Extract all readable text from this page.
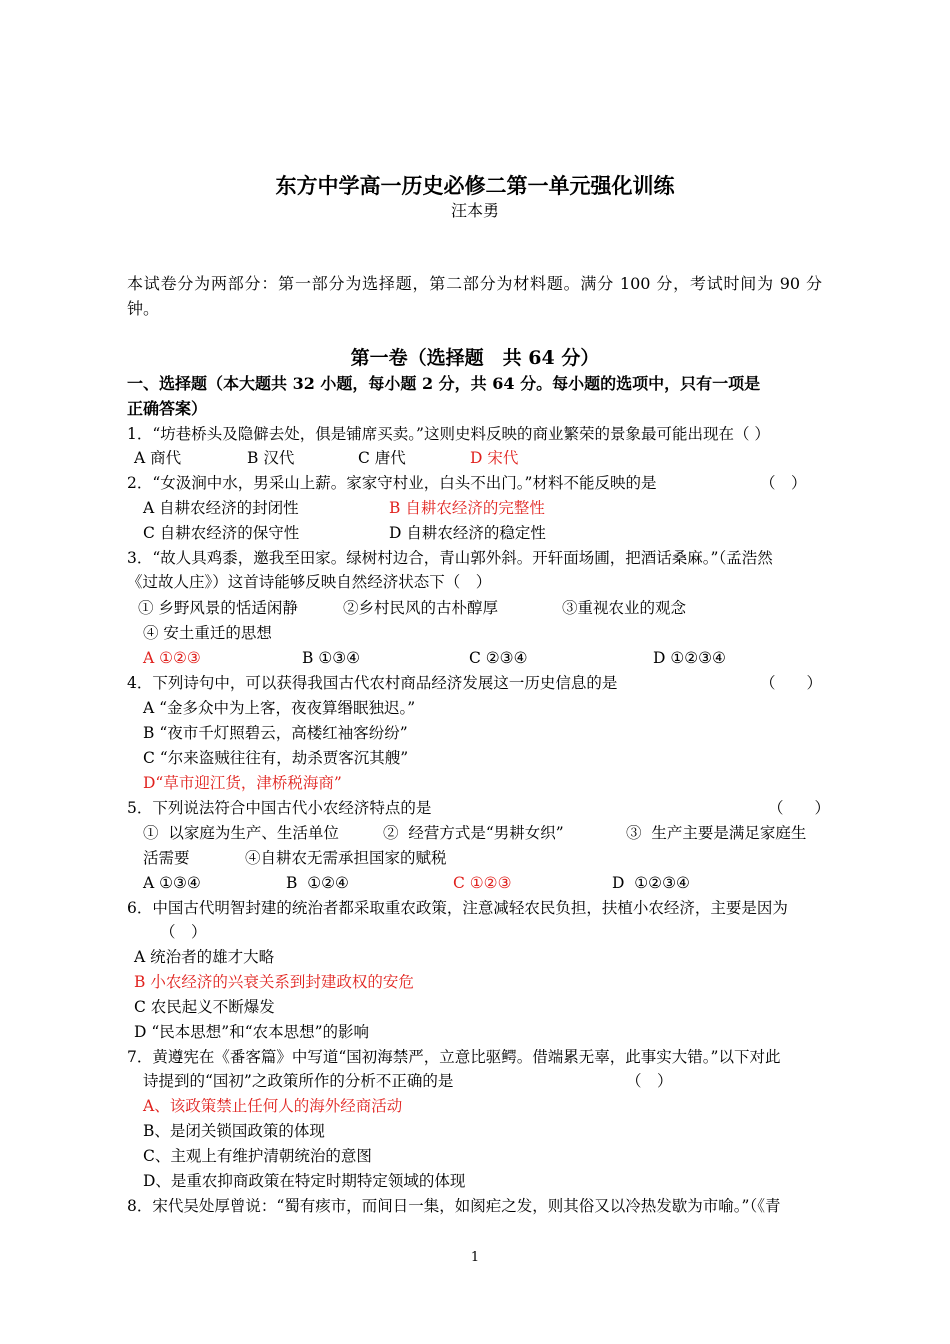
东方中学高一历史必修二第一单元强化训练
汪本勇
本试卷分为两部分：第一部分为选择题，第二部分为材料题。满分 100 分，考试时间为 90 分钟。
第一卷（选择题　共 64 分）
一、选择题（本大题共 32 小题，每小题 2 分，共 64 分。每小题的选项中，只有一项是
正确答案）
1．“坊巷桥头及隐僻去处，俱是铺席买卖。”这则史料反映的商业繁荣的景象最可能出现在（ ）
A 商代	B 汉代	C 唐代	D 宋代
2．“女汲涧中水，男采山上薪。家家守村业，白头不出门。”材料不能反映的是	（　）
A 自耕农经济的封闭性	B 自耕农经济的完整性
C 自耕农经济的保守性	D 自耕农经济的稳定性
3．“故人具鸡黍，邀我至田家。绿树村边合，青山郭外斜。开轩面场圃，把酒话桑麻。”（孟浩然
《过故人庄》）这首诗能够反映自然经济状态下（　）
① 乡野风景的恬适闲静	②乡村民风的古朴醇厚	③重视农业的观念
④ 安土重迁的思想
A ①②③	B ①③④	C ②③④	D ①②③④
4．下列诗句中，可以获得我国古代农村商品经济发展这一历史信息的是	（　　）
A “金多众中为上客，夜夜算缗眠独迟。”
B “夜市千灯照碧云，高楼红袖客纷纷”
C “尔来盗贼往往有，劫杀贾客沉其艘”
D“草市迎江货，津桥税海商”
5．下列说法符合中国古代小农经济特点的是	（　　）
①  以家庭为生产、生活单位	②  经营方式是“男耕女织”	③  生产主要是满足家庭生
活需要	④自耕农无需承担国家的赋税
A ①③④	B  ①②④	C ①②③	D  ①②③④
6．中国古代明智封建的统治者都采取重农政策，注意减轻农民负担，扶植小农经济，主要是因为
（　）
A 统治者的雄才大略
B 小农经济的兴衰关系到封建政权的安危
C 农民起义不断爆发
D “民本思想”和“农本思想”的影响
7．黄遵宪在《番客篇》中写道“国初海禁严，立意比驱鳄。借端累无辜，此事实大错。”以下对此
诗提到的“国初”之政策所作的分析不正确的是	（　）
A、该政策禁止任何人的海外经商活动
B、是闭关锁国政策的体现
C、主观上有维护清朝统治的意图
D、是重农抑商政策在特定时期特定领域的体现
8．宋代吴处厚曾说：“蜀有痎市，而间日一集，如阂疟之发，则其俗又以冷热发歇为市喻。”（《青
1
